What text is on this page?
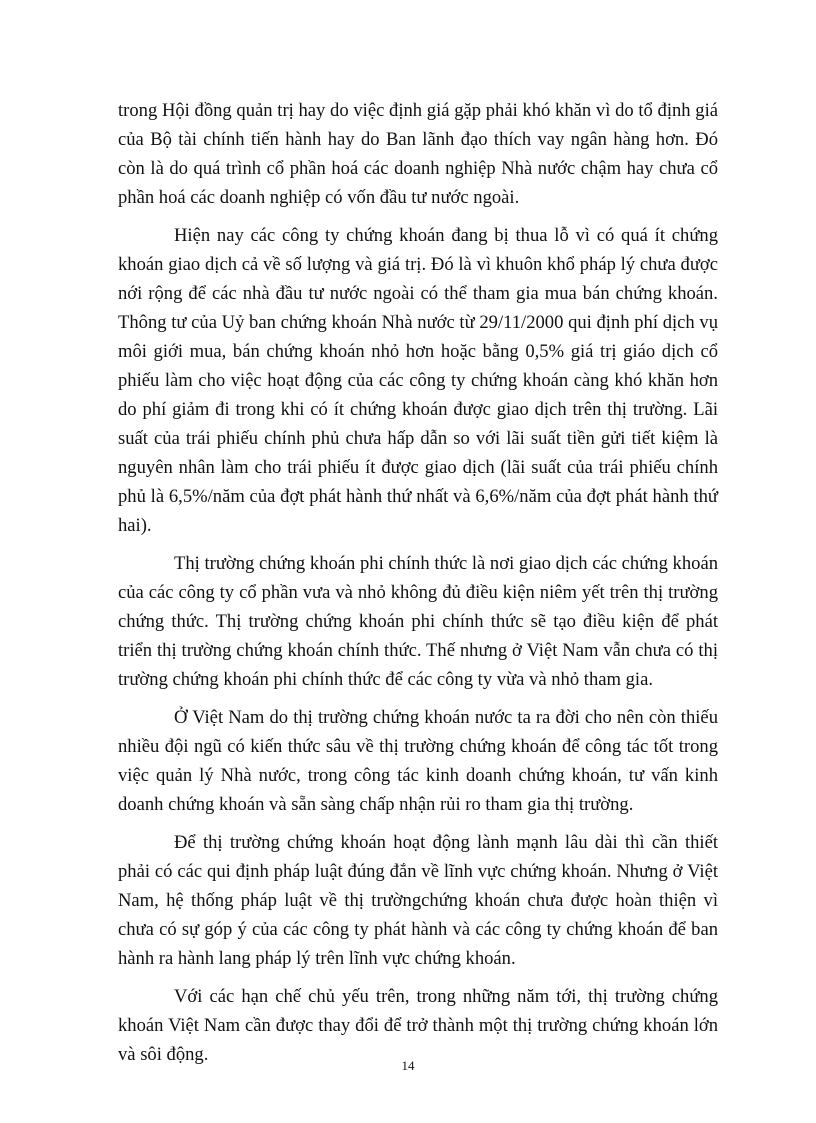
trong Hội đồng quản trị hay do việc định giá gặp phải khó khăn vì do tổ định giá của Bộ tài chính tiến hành hay do Ban lãnh đạo thích vay ngân hàng hơn. Đó còn là do quá trình cổ phần hoá các doanh nghiệp Nhà nước chậm hay chưa cổ phần hoá các doanh nghiệp có vốn đầu tư nước ngoài.

Hiện nay các công ty chứng khoán đang bị thua lỗ vì có quá ít chứng khoán giao dịch cả về số lượng và giá trị. Đó là vì khuôn khổ pháp lý chưa được nới rộng để các nhà đầu tư nước ngoài có thể tham gia mua bán chứng khoán. Thông tư của Uỷ ban chứng khoán Nhà nước từ 29/11/2000 qui định phí dịch vụ môi giới mua, bán chứng khoán nhỏ hơn hoặc bằng 0,5% giá trị giáo dịch cổ phiếu làm cho việc hoạt động của các công ty chứng khoán càng khó khăn hơn do phí giảm đi trong khi có ít chứng khoán được giao dịch trên thị trường. Lãi suất của trái phiếu chính phủ chưa hấp dẫn so với lãi suất tiền gửi tiết kiệm là nguyên nhân làm cho trái phiếu ít được giao dịch (lãi suất của trái phiếu chính phủ là 6,5%/năm của đợt phát hành thứ nhất và 6,6%/năm của đợt phát hành thứ hai).

Thị trường chứng khoán phi chính thức là nơi giao dịch các chứng khoán của các công ty cổ phần vưa và nhỏ không đủ điều kiện niêm yết trên thị trường chứng thức. Thị trường chứng khoán phi chính thức sẽ tạo điều kiện để phát triển thị trường chứng khoán chính thức. Thế nhưng ở Việt Nam vẫn chưa có thị trường chứng khoán phi chính thức để các công ty vừa và nhỏ tham gia.

Ở Việt Nam do thị trường chứng khoán nước ta ra đời cho nên còn thiếu nhiều đội ngũ có kiến thức sâu về thị trường chứng khoán để công tác tốt trong việc quản lý Nhà nước, trong công tác kinh doanh chứng khoán, tư vấn kinh doanh chứng khoán và sẵn sàng chấp nhận rủi ro tham gia thị trường.

Để thị trường chứng khoán hoạt động lành mạnh lâu dài thì cần thiết phải có các qui định pháp luật đúng đắn về lĩnh vực chứng khoán. Nhưng ở Việt Nam, hệ thống pháp luật về thị trườngchứng khoán chưa được hoàn thiện vì chưa có sự góp ý của các công ty phát hành và các công ty chứng khoán để ban hành ra hành lang pháp lý trên lĩnh vực chứng khoán.

Với các hạn chế chủ yếu trên, trong những năm tới, thị trường chứng khoán Việt Nam cần được thay đổi để trở thành một thị trường chứng khoán lớn và sôi động.

14
